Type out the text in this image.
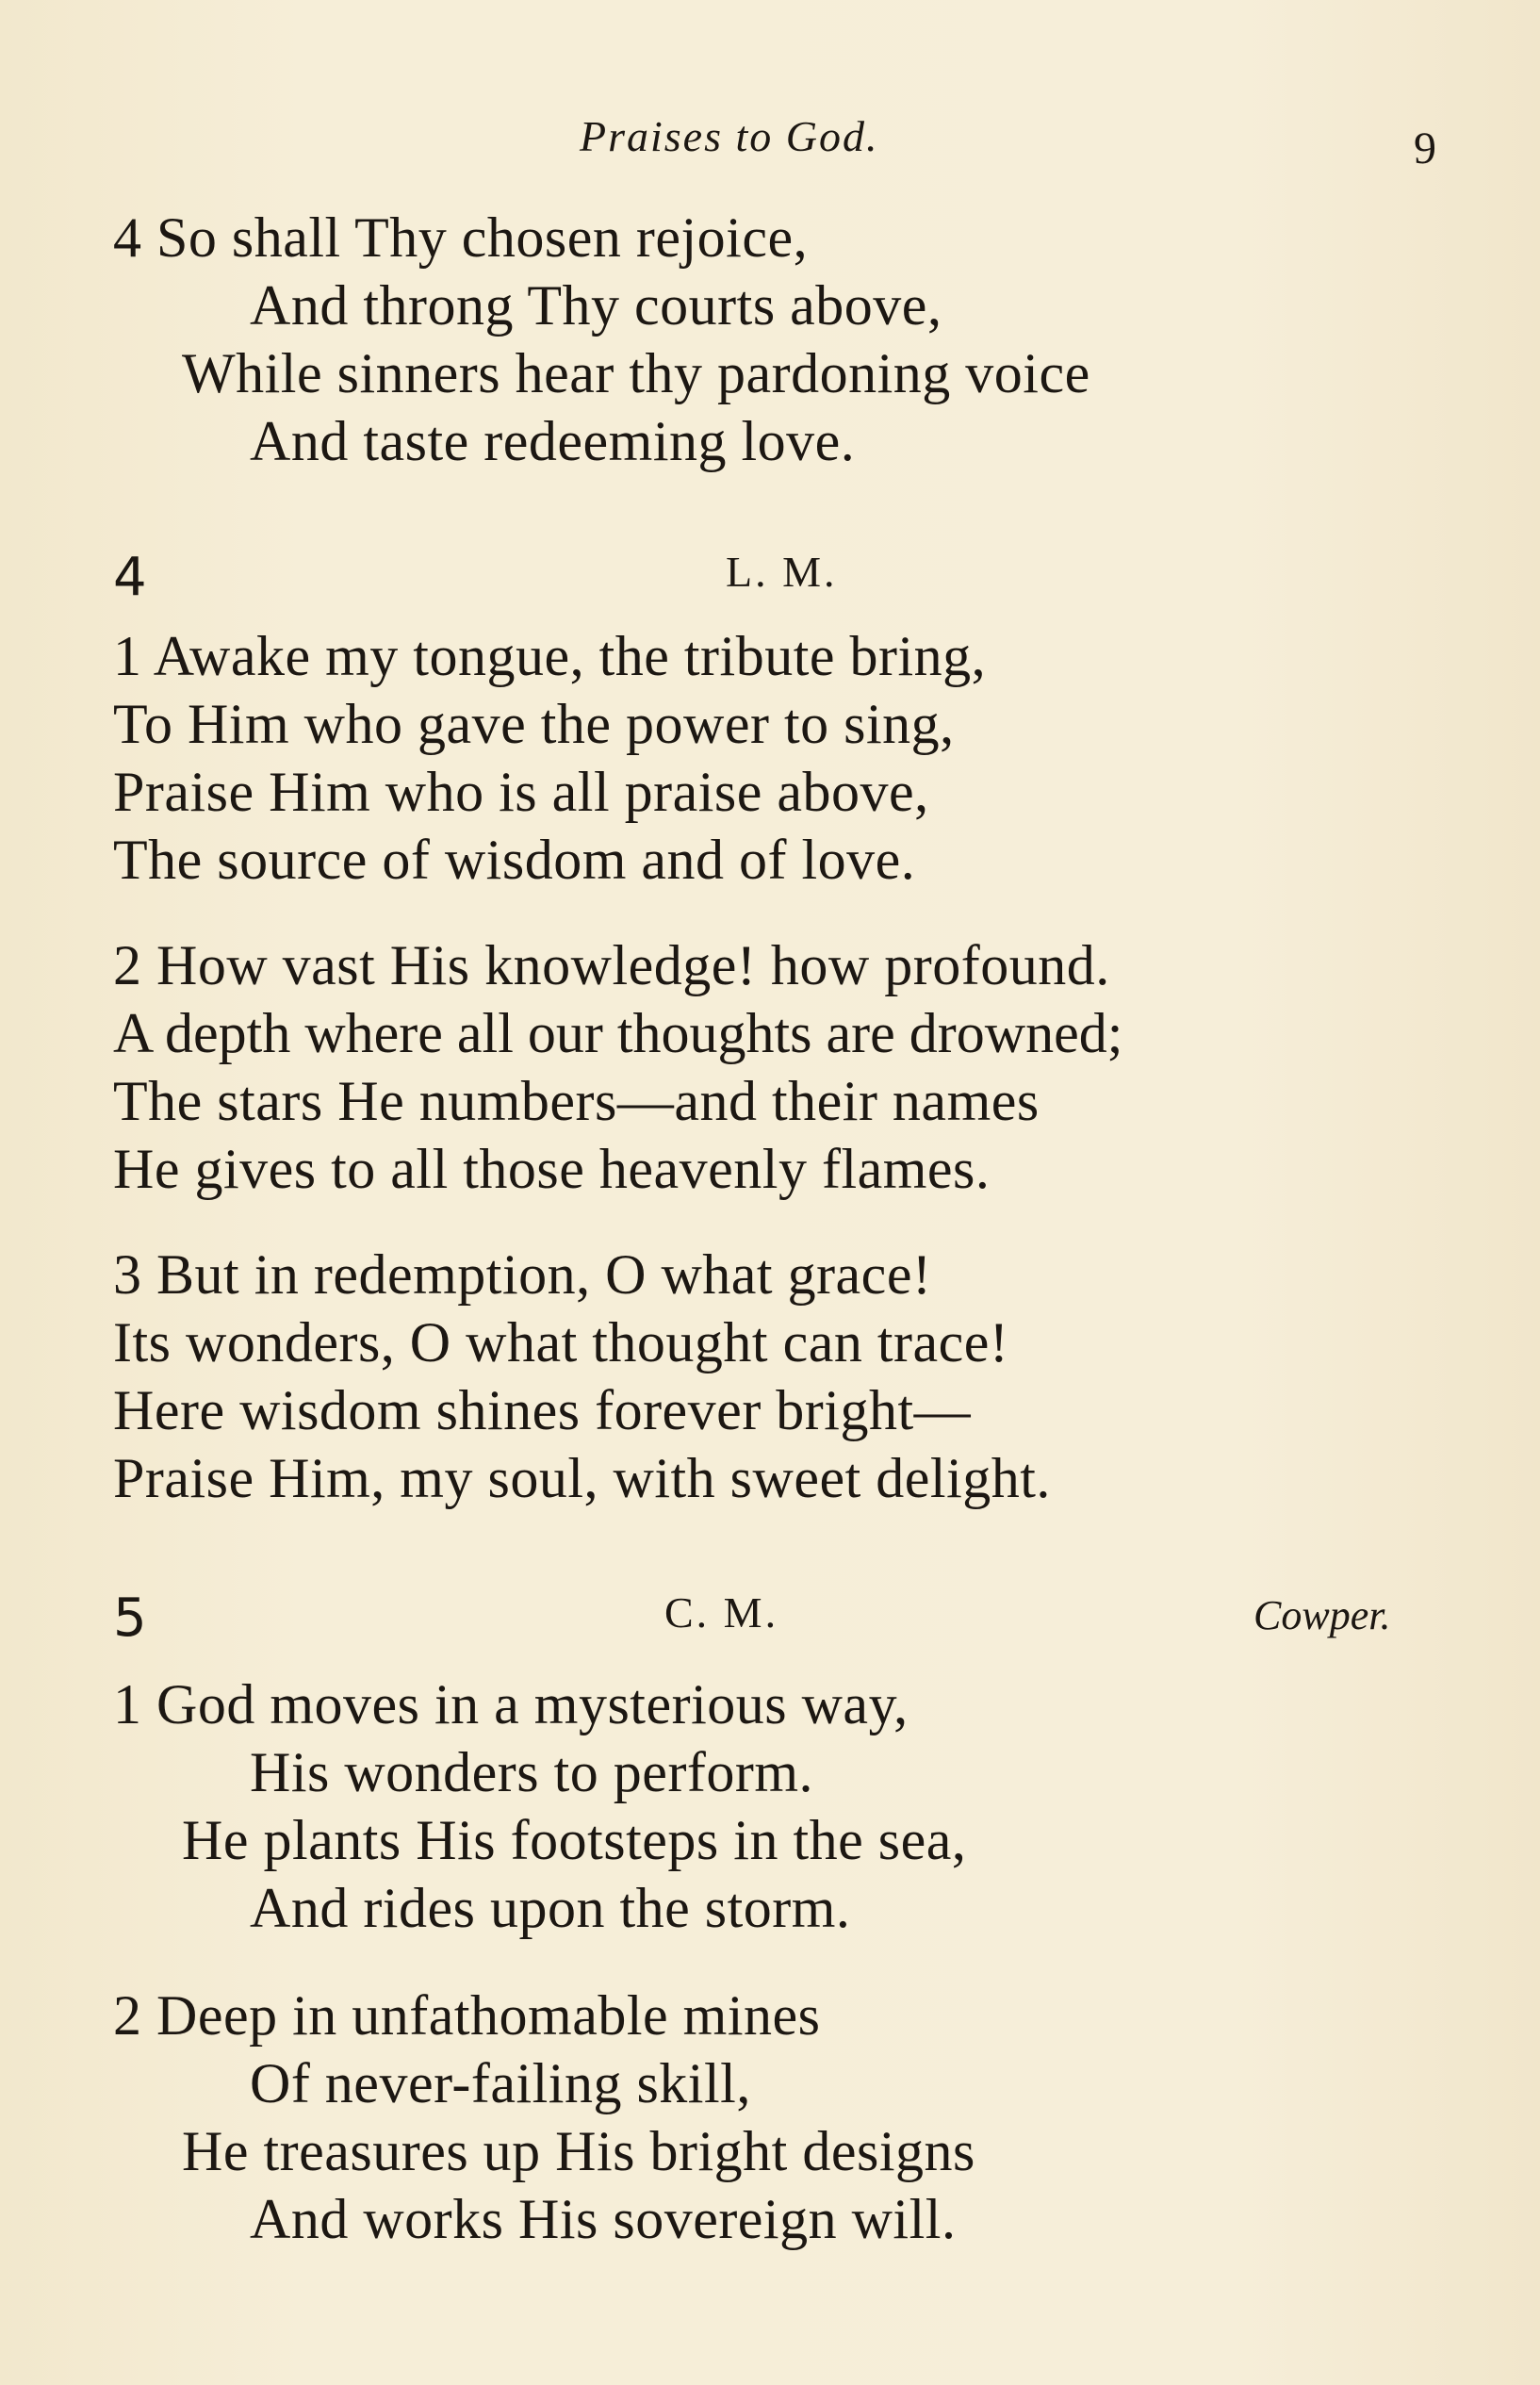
Praises to God.	9
4 So shall Thy chosen rejoice,
And throng Thy courts above,
While sinners hear thy pardoning voice
And taste redeeming love.
4	L. M.
1 Awake my tongue, the tribute bring,
To Him who gave the power to sing,
Praise Him who is all praise above,
The source of wisdom and of love.
2 How vast His knowledge! how profound.
A depth where all our thoughts are drowned;
The stars He numbers—and their names
He gives to all those heavenly flames.
3 But in redemption, O what grace!
Its wonders, O what thought can trace!
Here wisdom shines forever bright—
Praise Him, my soul, with sweet delight.
5	C. M.	Cowper.
1 God moves in a mysterious way,
His wonders to perform.
He plants His footsteps in the sea,
And rides upon the storm.
2 Deep in unfathomable mines
Of never-failing skill,
He treasures up His bright designs
And works His sovereign will.
